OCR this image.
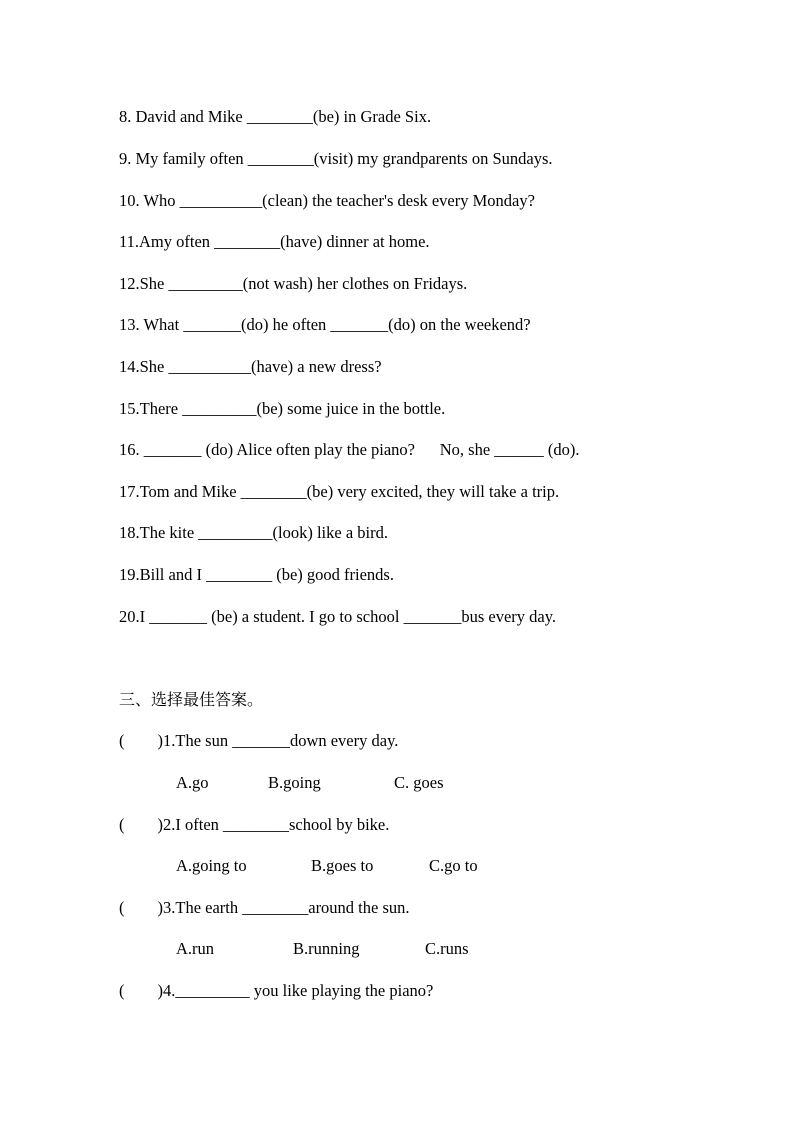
8. David and Mike ________(be) in Grade Six.
9. My family often ________(visit) my grandparents on Sundays.
10. Who __________(clean) the teacher's desk every Monday?
11.Amy often ________(have) dinner at home.
12.She _________(not wash) her clothes on Fridays.
13. What _______(do) he often _______(do) on the weekend?
14.She __________(have) a new dress?
15.There _________(be) some juice in the bottle.
16. _______ (do) Alice often play the piano?      No, she ______ (do).
17.Tom and Mike ________(be) very excited, they will take a trip.
18.The kite _________(look) like a bird.
19.Bill and I ________ (be) good friends.
20.I _______ (be) a student. I go to school _______bus every day.
三、选择最佳答案。
(        )1.The sun _______down every day.
A.go	B.going	C. goes
(        )2.I often ________school by bike.
A.going to	B.goes to	C.go to
(        )3.The earth ________around the sun.
A.run	B.running	C.runs
(        )4._________ you like playing the piano?
